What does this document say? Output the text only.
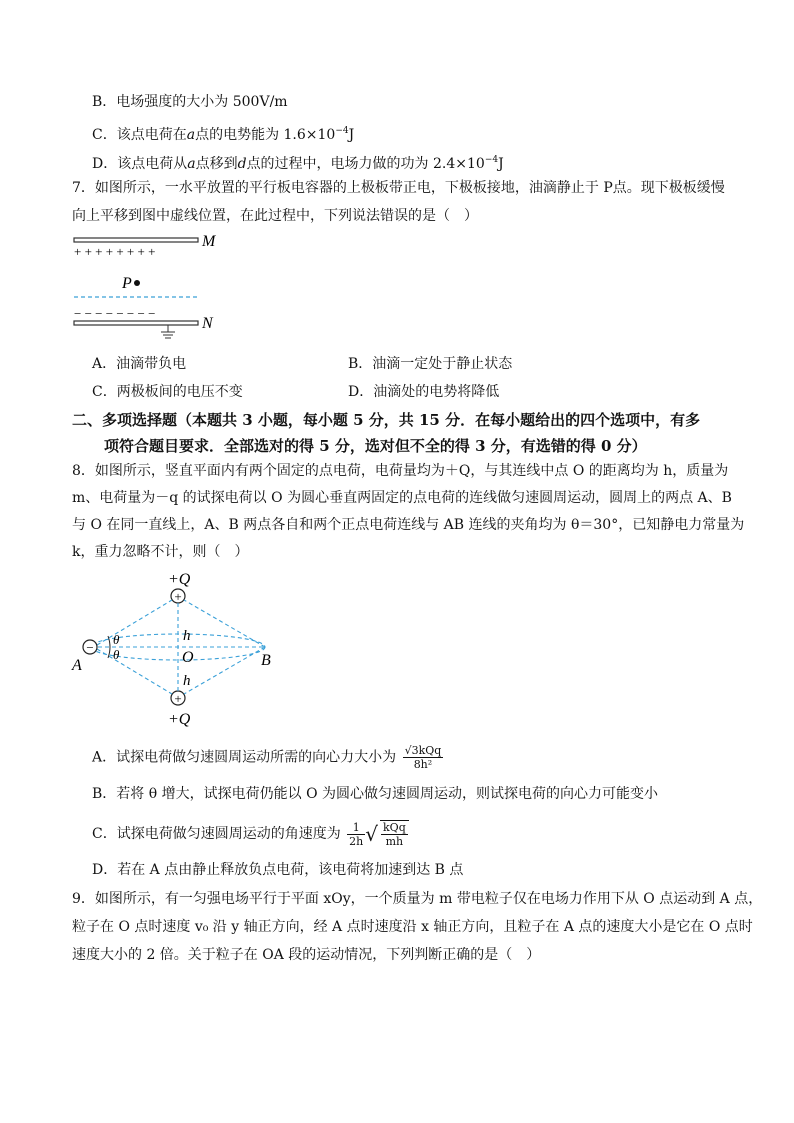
B．电场强度的大小为 500V/m
C．该点电荷在a点的电势能为 $1.6\times 10^{-4}J$
D．该点电荷从a点移到d点的过程中，电场力做的功为 $2.4\times 10^{-4}J$
7．如图所示，一水平放置的平行板电容器的上极板带正电，下极板接地，油滴静止于 P点。现下极板缓慢
向上平移到图中虚线位置，在此过程中，下列说法错误的是（　）
M
+ + + + + + + +
P
− − − − − − − −
N
A．油滴带负电	B．油滴一定处于静止状态
C．两极板间的电压不变	D．油滴处的电势将降低
二、多项选择题（本题共 3 小题，每小题 5 分，共 15 分．在每小题给出的四个选项中，有多
项符合题目要求．全部选对的得 5 分，选对但不全的得 3 分，有选错的得 0 分）
8．如图所示，竖直平面内有两个固定的点电荷，电荷量均为＋Q，与其连线中点 O 的距离均为 h，质量为
m、电荷量为－q 的试探电荷以 O 为圆心垂直两固定的点电荷的连线做匀速圆周运动，圆周上的两点 A、B
与 O 在同一直线上，A、B 两点各自和两个正点电荷连线与 AB 连线的夹角均为 θ＝30°，已知静电力常量为
k，重力忽略不计，则（　）
+Q
+
+
+Q
−
θ
θ
A	B
O
h
h
A．试探电荷做匀速圆周运动所需的向心力大小为 $\frac{\text{√3kQq}}{\text{8h²}}$
B．若将 θ 增大，试探电荷仍能以 O 为圆心做匀速圆周运动，则试探电荷的向心力可能变小
C．试探电荷做匀速圆周运动的角速度为 $\frac{1}{2h}$ √ $\frac{\text{kQq}}{mh}$
D．若在 A 点由静止释放负点电荷，该电荷将加速到达 B 点
9．如图所示，有一匀强电场平行于平面 xOy，一个质量为 m 带电粒子仅在电场力作用下从 O 点运动到 A 点，
粒子在 O 点时速度 v₀ 沿 y 轴正方向，经 A 点时速度沿 x 轴正方向，且粒子在 A 点的速度大小是它在 O 点时
速度大小的 2 倍。关于粒子在 OA 段的运动情况，下列判断正确的是（　）
